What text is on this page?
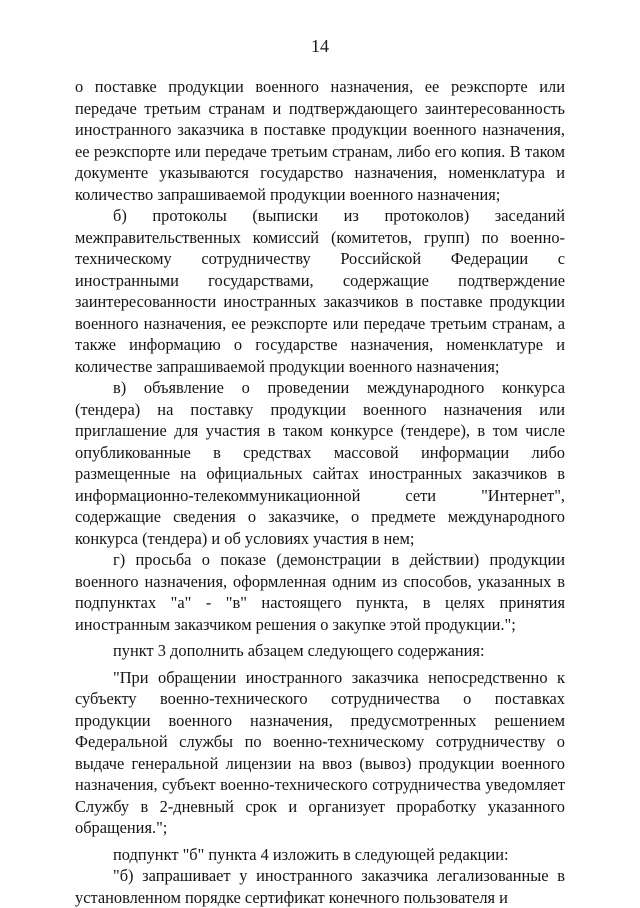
14

о поставке продукции военного назначения, ее реэкспорте или передаче третьим странам и подтверждающего заинтересованность иностранного заказчика в поставке продукции военного назначения, ее реэкспорте или передаче третьим странам, либо его копия. В таком документе указываются государство назначения, номенклатура и количество запрашиваемой продукции военного назначения;

б) протоколы (выписки из протоколов) заседаний межправительственных комиссий (комитетов, групп) по военно-техническому сотрудничеству Российской Федерации с иностранными государствами, содержащие подтверждение заинтересованности иностранных заказчиков в поставке продукции военного назначения, ее реэкспорте или передаче третьим странам, а также информацию о государстве назначения, номенклатуре и количестве запрашиваемой продукции военного назначения;

в) объявление о проведении международного конкурса (тендера) на поставку продукции военного назначения или приглашение для участия в таком конкурсе (тендере), в том числе опубликованные в средствах массовой информации либо размещенные на официальных сайтах иностранных заказчиков в информационно-телекоммуникационной сети "Интернет", содержащие сведения о заказчике, о предмете международного конкурса (тендера) и об условиях участия в нем;

г) просьба о показе (демонстрации в действии) продукции военного назначения, оформленная одним из способов, указанных в подпунктах "а" - "в" настоящего пункта, в целях принятия иностранным заказчиком решения о закупке этой продукции.";

пункт 3 дополнить абзацем следующего содержания:

"При обращении иностранного заказчика непосредственно к субъекту военно-технического сотрудничества о поставках продукции военного назначения, предусмотренных решением Федеральной службы по военно-техническому сотрудничеству о выдаче генеральной лицензии на ввоз (вывоз) продукции военного назначения, субъект военно-технического сотрудничества уведомляет Службу в 2-дневный срок и организует проработку указанного обращения.";

подпункт "б" пункта 4 изложить в следующей редакции:

"б) запрашивает у иностранного заказчика легализованные в установленном порядке сертификат конечного пользователя и
